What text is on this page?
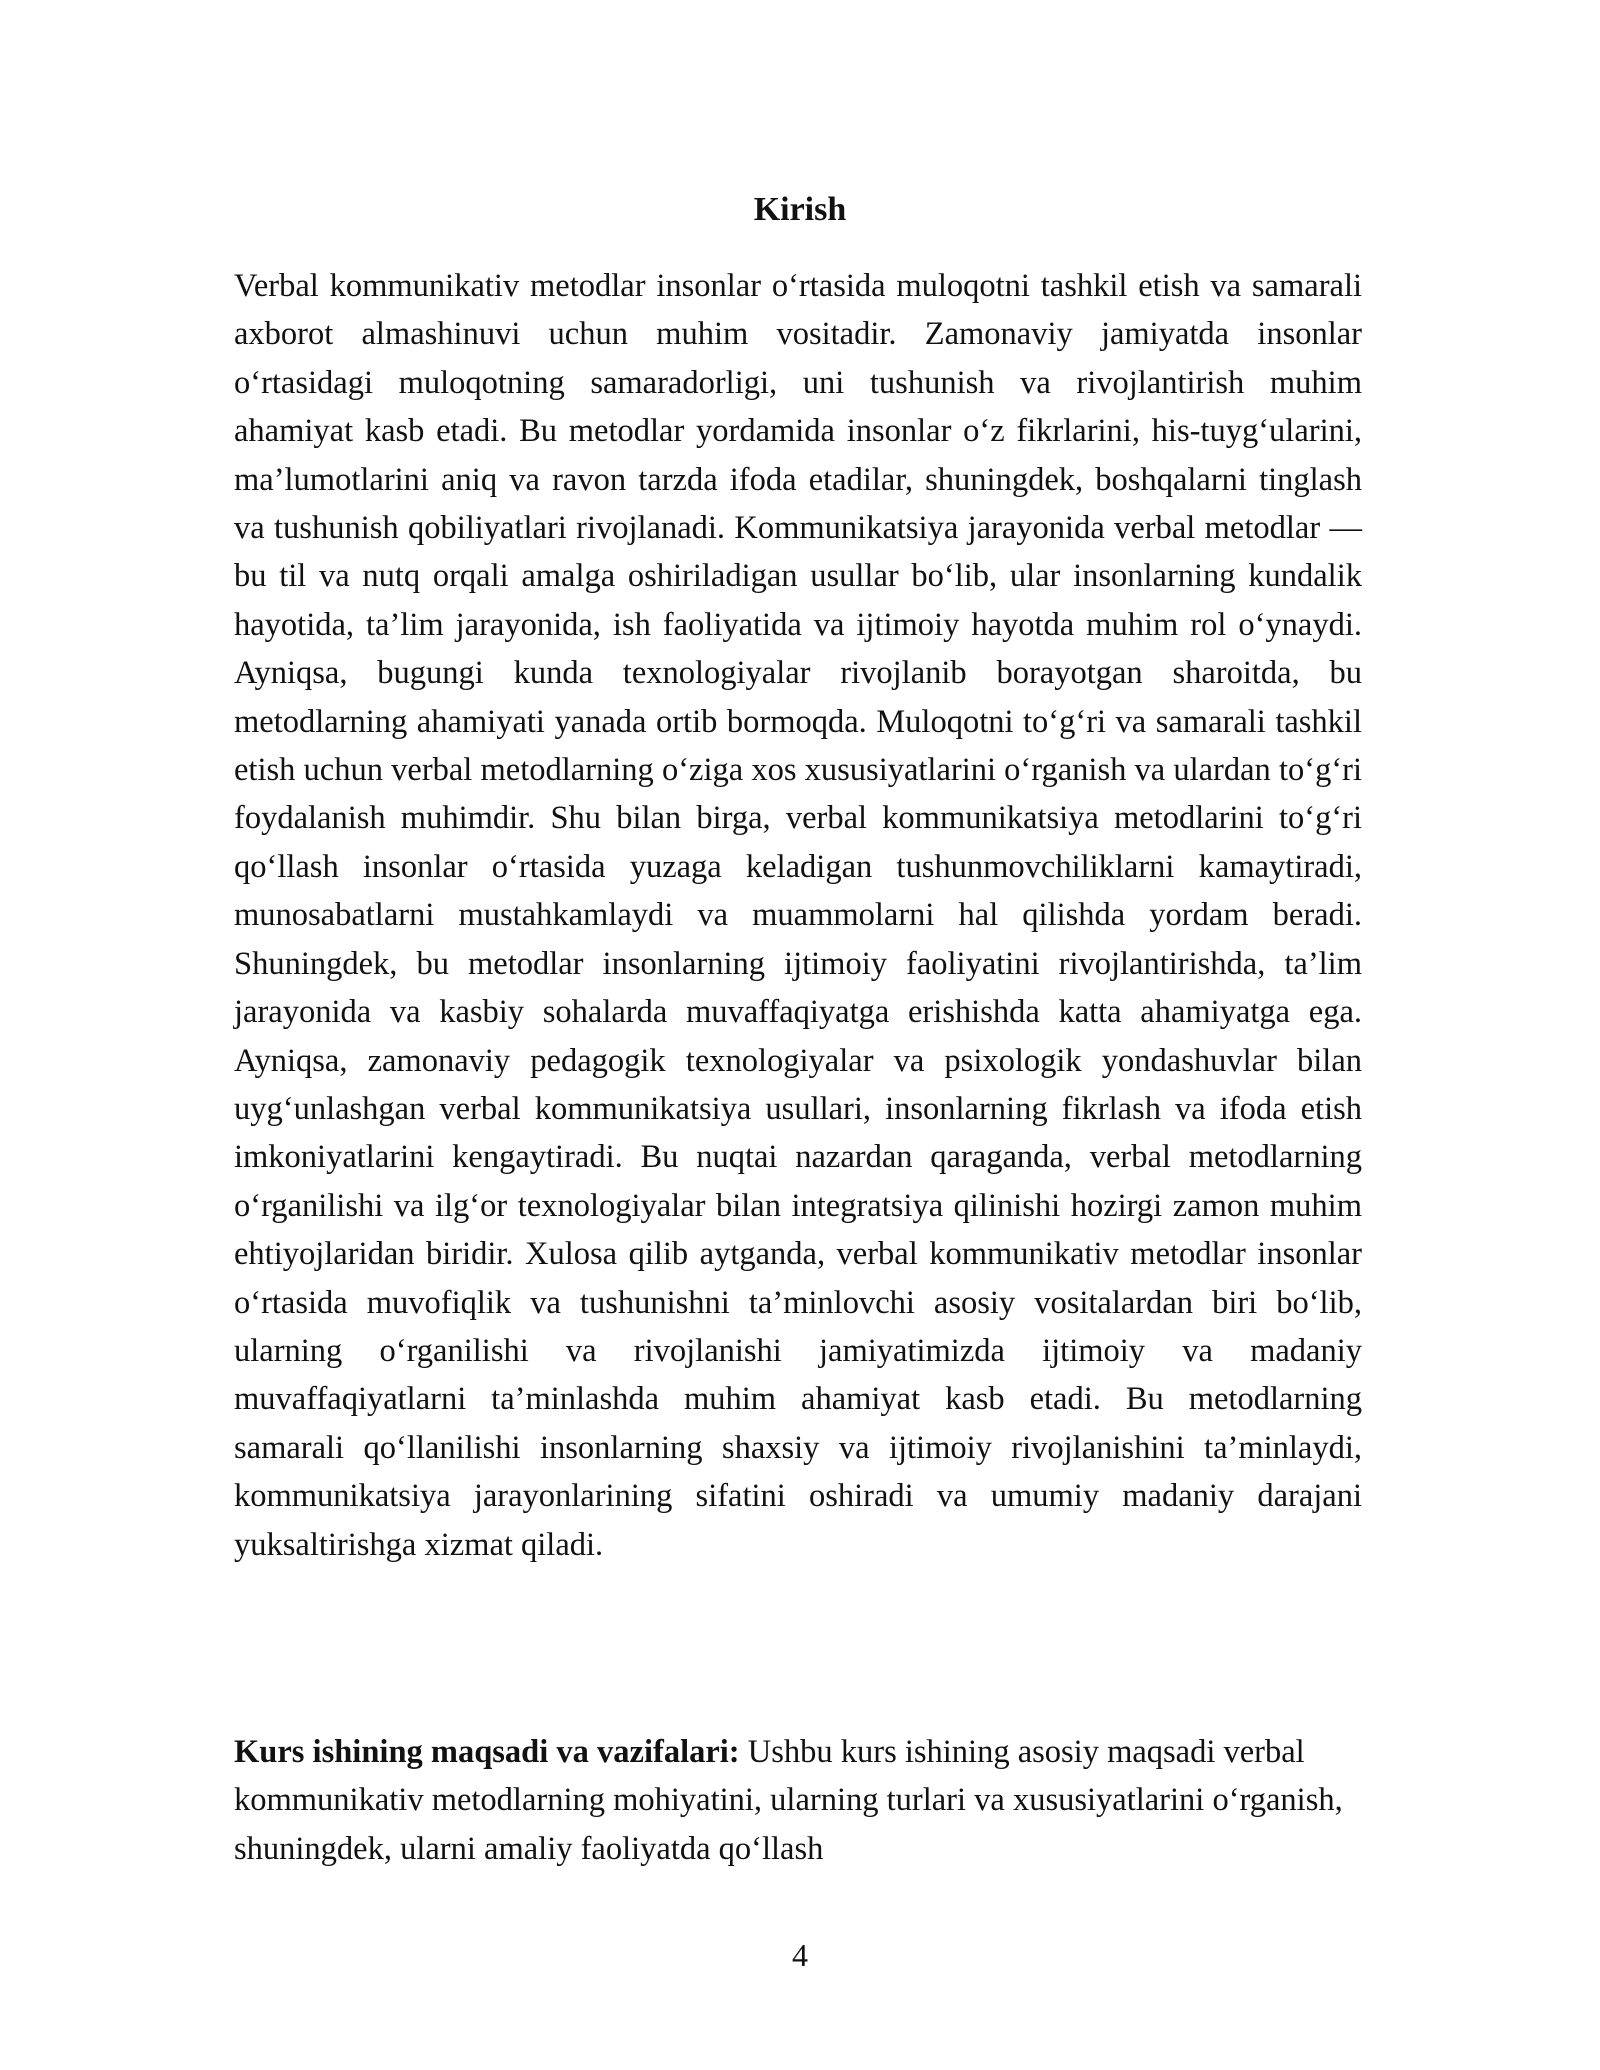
Kirish

Verbal kommunikativ metodlar insonlar o‘rtasida muloqotni tashkil etish va samarali axborot almashinuvi uchun muhim vositadir. Zamonaviy jamiyatda insonlar o‘rtasidagi muloqotning samaradorligi, uni tushunish va rivojlantirish muhim ahamiyat kasb etadi. Bu metodlar yordamida insonlar o‘z fikrlarini, his-tuyg‘ularini, ma’lumotlarini aniq va ravon tarzda ifoda etadilar, shuningdek, boshqalarni tinglash va tushunish qobiliyatlari rivojlanadi. Kommunikatsiya jarayonida verbal metodlar — bu til va nutq orqali amalga oshiriladigan usullar bo‘lib, ular insonlarning kundalik hayotida, ta’lim jarayonida, ish faoliyatida va ijtimoiy hayotda muhim rol o‘ynaydi. Ayniqsa, bugungi kunda texnologiyalar rivojlanib borayotgan sharoitda, bu metodlarning ahamiyati yanada ortib bormoqda. Muloqotni to‘g‘ri va samarali tashkil etish uchun verbal metodlarning o‘ziga xos xususiyatlarini o‘rganish va ulardan to‘g‘ri foydalanish muhimdir. Shu bilan birga, verbal kommunikatsiya metodlarini to‘g‘ri qo‘llash insonlar o‘rtasida yuzaga keladigan tushunmovchiliklarni kamaytiradi, munosabatlarni mustahkamlaydi va muammolarni hal qilishda yordam beradi. Shuningdek, bu metodlar insonlarning ijtimoiy faoliyatini rivojlantirishda, ta’lim jarayonida va kasbiy sohalarda muvaffaqiyatga erishishda katta ahamiyatga ega. Ayniqsa, zamonaviy pedagogik texnologiyalar va psixologik yondashuvlar bilan uyg‘unlashgan verbal kommunikatsiya usullari, insonlarning fikrlash va ifoda etish imkoniyatlarini kengaytiradi. Bu nuqtai nazardan qaraganda, verbal metodlarning o‘rganilishi va ilg‘or texnologiyalar bilan integratsiya qilinishi hozirgi zamon muhim ehtiyojlaridan biridir. Xulosa qilib aytganda, verbal kommunikativ metodlar insonlar o‘rtasida muvofiqlik va tushunishni ta’minlovchi asosiy vositalardan biri bo‘lib, ularning o‘rganilishi va rivojlanishi jamiyatimizda ijtimoiy va madaniy muvaffaqiyatlarni ta’minlashda muhim ahamiyat kasb etadi. Bu metodlarning samarali qo‘llanilishi insonlarning shaxsiy va ijtimoiy rivojlanishini ta’minlaydi, kommunikatsiya jarayonlarining sifatini oshiradi va umumiy madaniy darajani yuksaltirishga xizmat qiladi.

Kurs ishining maqsadi va vazifalari: Ushbu kurs ishining asosiy maqsadi verbal kommunikativ metodlarning mohiyatini, ularning turlari va xususiyatlarini o‘rganish, shuningdek, ularni amaliy faoliyatda qo‘llash

4
